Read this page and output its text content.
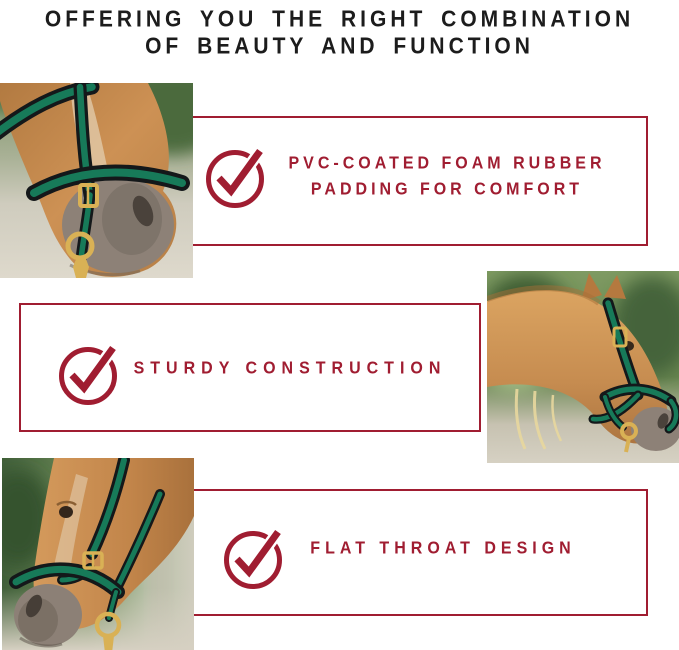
OFFERING YOU THE RIGHT COMBINATION
OF BEAUTY AND FUNCTION
PVC-COATED FOAM RUBBER
PADDING FOR COMFORT
STURDY CONSTRUCTION
FLAT THROAT DESIGN
